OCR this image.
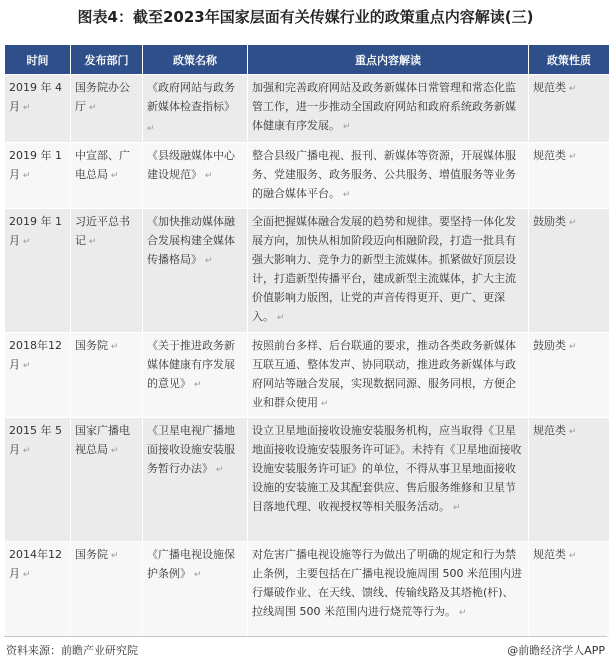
图表4：截至2023年国家层面有关传媒行业的政策重点内容解读(三)
时间	发布部门	政策名称	重点内容解读	政策性质
2019 年 4 月 ↵	国务院办公厅 ↵	《政府网站与政务新媒体检查指标》 ↵	加强和完善政府网站及政务新媒体日常管理和常态化监管工作，进一步推动全国政府网站和政府系统政务新媒体健康有序发展。 ↵	规范类 ↵
2019 年 1 月 ↵	中宣部、广电总局 ↵	《县级融媒体中心建设规范》 ↵	整合县级广播电视、报刊、新媒体等资源，开展媒体服务、党建服务、政务服务、公共服务、增值服务等业务的融合媒体平台。 ↵	规范类 ↵
2019 年 1 月 ↵	习近平总书记 ↵	《加快推动媒体融合发展构建全媒体传播格局》 ↵	全面把握媒体融合发展的趋势和规律。要坚持一体化发展方向，加快从相加阶段迈向相融阶段，打造一批具有强大影响力、竞争力的新型主流媒体。抓紧做好顶层设计，打造新型传播平台，建成新型主流媒体，扩大主流价值影响力版图，让党的声音传得更开、更广、更深入。 ↵	鼓励类 ↵
2018年12月 ↵	国务院 ↵	《关于推进政务新媒体健康有序发展的意见》 ↵	按照前台多样、后台联通的要求，推动各类政务新媒体互联互通、整体发声、协同联动，推进政务新媒体与政府网站等融合发展，实现数据同源、服务同根，方便企业和群众使用 ↵	鼓励类 ↵
2015 年 5 月 ↵	国家广播电视总局 ↵	《卫星电视广播地面接收设施安装服务暂行办法》 ↵	设立卫星地面接收设施安装服务机构，应当取得《卫星地面接收设施安装服务许可证》。未持有《卫星地面接收设施安装服务许可证》的单位，不得从事卫星地面接收设施的安装施工及其配套供应、售后服务维修和卫星节目落地代理、收视授权等相关服务活动。 ↵	规范类 ↵
2014年12月 ↵	国务院 ↵	《广播电视设施保护条例》 ↵	对危害广播电视设施等行为做出了明确的规定和行为禁止条例，主要包括在广播电视设施周围 500 米范围内进行爆破作业、在天线、馈线、传输线路及其塔桅(杆)、拉线周围 500 米范围内进行烧荒等行为。 ↵	规范类 ↵
资料来源：前瞻产业研究院	@前瞻经济学人APP
